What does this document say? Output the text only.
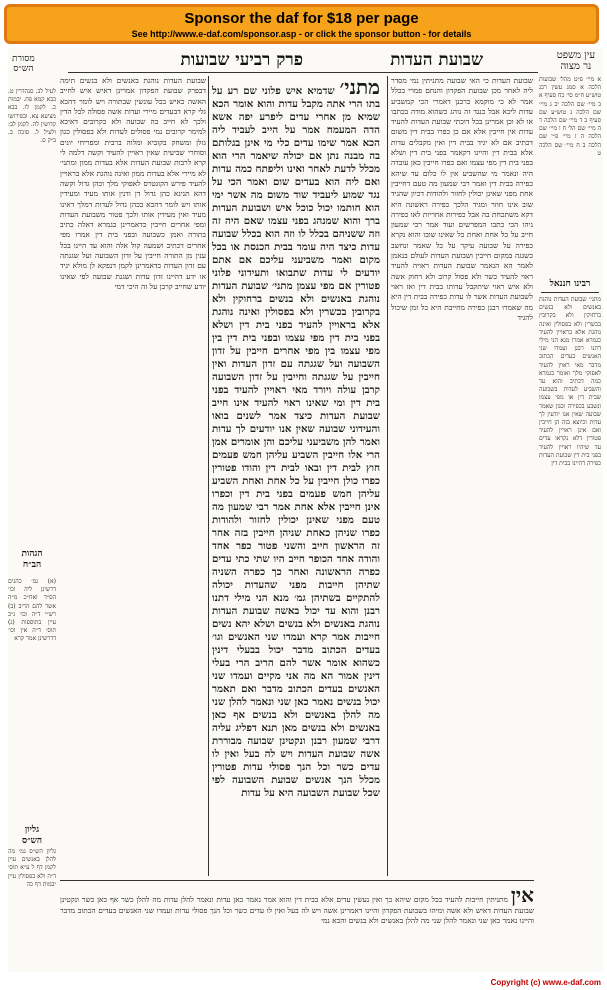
Sponsor the daf for $18 per page
See http://www.e-daf.com/sponsor.asp - or click the sponsor button - for details
עין משפט
נר מצוה
שבועת העדות
פרק רביעי שבועות
מסורת
הש״ס
א מיי׳ פ״ט מהל׳ שבועות הלכה א סמג עשין רכג טוש״ע ח״מ סי׳ כח סעיף א ב מיי׳ שם הלכה יב ג מיי׳ שם הלכה ג טוש״ע שם סעיף ב ד מיי׳ שם הלכה ד ה מיי׳ שם הל׳ ח ו מיי׳ שם הלכה ה ז מיי׳ פ״י שם הלכה ב ח מיי׳ שם הלכה ט
רבינו חננאל
מתני׳ שבועת העדות נוהגת באנשים ולא בנשים ברחוקין ולא בקרובין בכשרין ולא בפסולין ואינה נוהגת אלא בראויין להעיד כגמרא אמרו מנא הני מילי דתנו רבנן ועמדו שני האנשים בעדים הכתוב מדבר מאי ראוין להעיד לאפוקי מלך ואומר בגמרא כמה דכתיב והוא עד והשביע לעדות בשבועה שבית דין או מפי עצמו ונשבע בכפירה וכגון שאמר שבועה שאין אנו יודעין לך עדות וכיוצא בזה הן חייבין ואם אינן ראויין להעיד פטורין דלא נקראו עדים עד שיהיו ראויין להעיד בפני בית דין שבועת העדות כפירה דהיינו בבית דין
שבועת העדות כי האי שבועה מתניתין נמי מסדר ליה לאחר מכן שבועת הפקדון והנחם פמרי בכלל אמר לא כי מוקמא כרבנן דאמרי הכי קמשביע עדות ליכא אבל כנגד זה נוהג כשהוא מודה בכתבו או לא וכן אמרינן בכל דוכתי שבועת העדות להעיד עדות אין חייבין אלא אם כן כפרו בבית דין משום דכתיב אם לא יגיד בבית דין ואין מקבלים עדות אלא בבית דין והיינו דקאמר בפני בית דין ושלא בפני בית דין מפי עצמו ואם כפרו חייבין כאן עובדה היה ונאמר מי שהשביע אין לו כלום עד שיהא כפירה בבית דין ואמר רבי שמעון מה טעם דחייבין אחת מפני שאינן יכולין לחזור ולהודות דכיון שהגיד שוב אינו חוזר ומגיד הלכך כפירה ראשונה היא דקא משתכחת בה אבל כפירות אחריות לאו כפירה ניהו הכי כתבו המפרשים ועוד אמר רבי שמעון חייב על כל אחת ואחת כל שאינו שובו והוא נקרא כפירה על שבועה עיקר על כל שאמר ונחשב כשגגה במקום חייבין ושבועת העדות לעולם בנאמן לאמר הא הנאמר שבועת העדות ראויה להעיד ראוי להעיד כשר ולא פסול קרוב ולא רחוק אשה ולא איש ראוי שיתקבל עדותו בבית דין ואז ראוי לשבועת העדות אשר לו עדות כפירה בבית דין היא מה שאמרו רבנן כפירה מחייבת היא כל זמן שיכול להגיד
מתני׳ שדמיא איש פלוני שם רע על בתו הרי אתה מקבל עדות והוא אומר הכא שמיא מן אחרי עדים ליפרע יפה אשא הדה המעמח אמר על הייב לעביד ליה הכא אמר שימו עדים כלי מי אינן בגלותם בה מבנה נתן אם יכולה שיאמר הרי הוא מכלל לדעת לאחר ואינו וליפתח כמה עדות ואם ליה הוא בעדים שום ואמר הכי על נגד שמוע ליעביד שוד משום מה אשר ימי הוא חותמו יכול כוכל איש ושבועת העדות ברך והוא שמנהג בפני עצמו שאם היה זה וזה ששניהם בכלל לו וזה הוא בכלל שבועה עדות כיצד היה עומד בבית הכנסת או בכל מקום ואמר משביעני עליכם אם אתם יודעים לי עדות שתבואו ותעידוני פלוני פטורין אם מפי עצמן מתני׳ שבועת העדות נוהגת באנשים ולא בנשים ברחוקין ולא בקרובין בכשרין ולא בפסולין ואינה נוהגת אלא בראויין להעיד בפני בית דין ושלא בפני בית דין מפי עצמו ובפני בית דין בין מפי עצמו בין מפי אחרים חייבין על זדון השבועה ועל שגגתה עם זדון העדות ואין חייבין על שגגתה וחייבין על זדון השבועה קרבן עולה ויורד מאי ראויין להעיד בפני בית דין ומי שאינו ראוי להעיד אינו חייב שבועת העדות כיצד אמר לשנים בואו והעידוני שבועה שאין אנו יודעים לך עדות ואמר להן משביעני עליכם והן אומרים אמן הרי אלו חייבין השביע עליהן חמש פעמים חוץ לבית דין ובאו לבית דין והודו פטורין כפרו כולן חייבין על כל אחת ואחת השביע עליהן חמש פעמים בפני בית דין וכפרו אינן חייבין אלא אחת אמר רבי שמעון מה טעם מפני שאינן יכולין לחזור ולהודות כפרו שניהן כאחת שניהן חייבין בזה אחר זה הראשון חייב והשני פטור כפר אחד והודה אחד הכופר חייב היו שתי כתי עדים כפרה הראשונה ואחר כך כפרה השניה שתיהן חייבות מפני שהעדות יכולה להתקיים בשתיהן גמ׳ מנא הני מילי דתנו רבנן והוא עד יכול באשה שבועת העדות נוהגת באנשים ולא בנשים ושלא יהא נשים חייבות אמר קרא ועמדו שני האנשים וגו׳ בעדים הכתוב מדבר יכול בבעלי דינין כשהוא אומר אשר להם הריב הרי בעלי דינין אמור הא מה אני מקיים ועמדו שני האנשים בעדים הכתוב מדבר ואם תאמר יכול בנשים נאמר כאן שני ונאמר להלן שני מה להלן באנשים ולא בנשים אף כאן באנשים ולא בנשים מאן תנא דפליג עליה דרבי שמעון רבנן ונקטינן שבועה מבוררת אשה שבועת העדות ויש לה בעל ואין לו עדים כשר וכל הנך פסולי עדות פטורין מכלל הנך אנשים שבועת השבועה לפי שכל שבועת השבועה היא על עדות
שבועת העדות נוהגת באנשים ולא בנשים תימה דבפרק שבועת הפקדון אמרינן דאיש איש לחייב האשה כאיש בכל עונשין שבתורה ויש לומר דהכא גלי קרא דבעדים מיירי ועדות אשה פסולה לכל הדין ולכך לא חייב בה שבועה ולא בקרובים דאיכא למימר קרובים נמי פסולים לעדות ולא בפסולין כגון גזלן ומשחק בקוביא ומלוה ברבית ומפריחי יונים וסוחרי שביעית שאין ראויין להעיד וקשה דלמה לי קרא לרבות שבועת העדות אלא בעדות ממון ומתני׳ לא מיירי אלא בעדות ממון ואינה נוהגת אלא בראויין להעיד פירש הקונטרס לאפוקי מלך וכהן גדול וקשה דהא תנינא כהן גדול דן ודנין אותו מעיד ומעידין אותו ויש לומר דהכא בכהן גדול לעדות דמלך דאינו מעיד ואין מעידין אותו ולכך פטור משבועת העדות ומפי אחרים חייבין כדאמרינן בגמרא דאלה כתיב בתורה ואמן כשבועה ובפני בית דין אמרו מפי אחרים דכתיב ושמעה קול אלה והוא עד היינו בכל ענין מן התורה חייבין על זדון השבועה ועל שגגתה עם זדון העדות כדאמרינן לקמן דנפקא לן מולא יגיד או ידע דהיינו זדון עדות ושגגת שבועה לפי שאינו יודע שחייב קרבן על זה היכי דמי
לעיל לב. סנהדרין ט. בבא קמא פח. יבמות כ. לקמן לו. בבא מציעא צא. ובפירושו קדושין לה. לקמן לב: ולעיל ל. סוכה ב. ב״ק ס.
הגהות
הב״ח
(א) גמ׳ כהנים דרשינן ליה וכו׳ הס״ד ואח״כ מ״ה אשר להם הריב (ב) רש״י ד״ה וכו׳ נ״ב עיין בתוספות (ג) תוס׳ ד״ה אין וכו׳ דדרשינן אמר קרא
גליון
הש״ס
גליון הש״ס גמ׳ מה להלן באנשים עיין לקמן דף ל ע״א תוס׳ ד״ה ולא בפסולין עיין יבמות דף כה	אין מתניתין חייבות להעיד בכל מקום שיהא כך ואין נעשין עדים אלא בבית דין והוא אמר נאמר כאן עדות ונאמר להלן עדות מה להלן כשר אף כאן כשר ונקטינן שבועת העדות דאיש ולא אשה ומיהו בשבועת הפקדון והיינו דאמרינן אשה ויש לה בעל ואין לו עדים כשר וכל הנך פסולי עדות ועמדו שני האנשים בעדים הכתוב מדבר והיינו נאמר כאן שני ונאמר להלן שני מה להלן באנשים ולא בנשים והכא נמי
Copyright (c) www.e-daf.com
